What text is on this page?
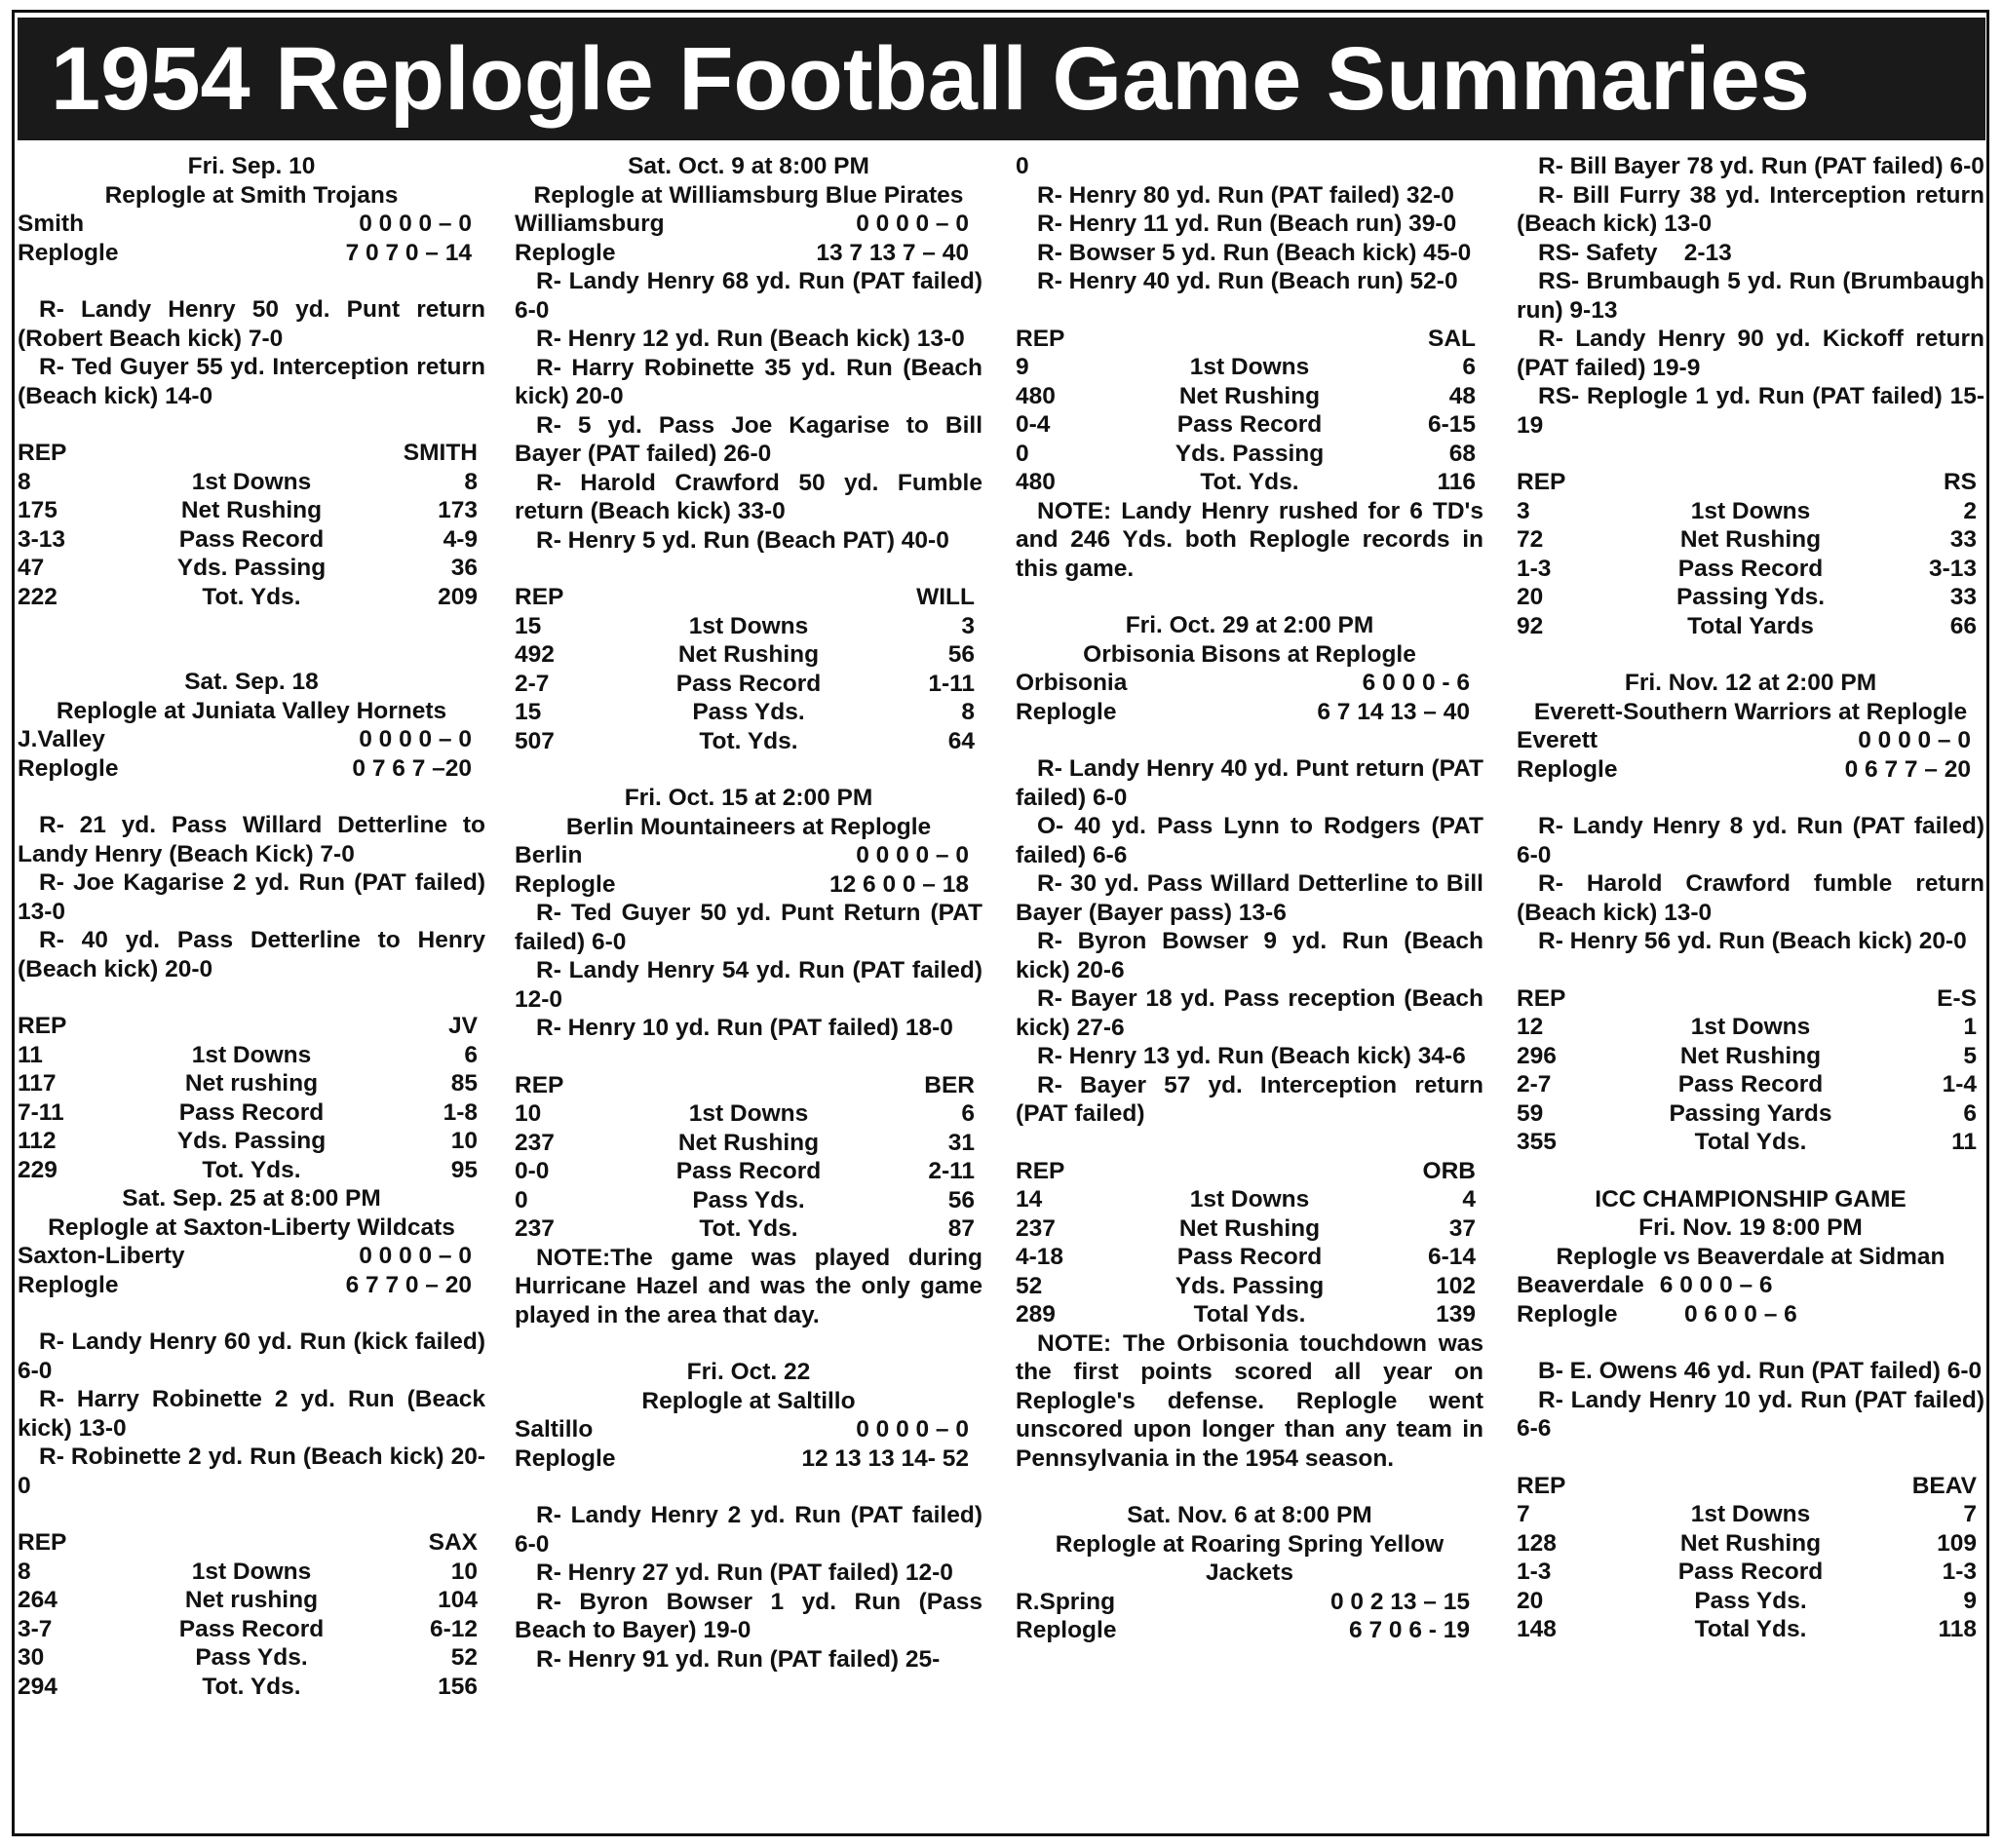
1954 Replogle Football Game Summaries
Fri. Sep. 10
Replogle at Smith Trojans
Smith	0 0 0 0 – 0
Replogle	7 0 7 0 – 14
R- Landy Henry 50 yd. Punt return (Robert Beach kick) 7-0
R- Ted Guyer 55 yd. Interception return (Beach kick) 14-0
REP		SMITH
8	1st Downs	8
175	Net Rushing	173
3-13	Pass Record	4-9
47	Yds. Passing	36
222	Tot. Yds.	209
Sat. Sep. 18
Replogle at Juniata Valley Hornets
J.Valley	0 0 0 0 – 0
Replogle	0 7 6 7 –20
R- 21 yd. Pass Willard Detterline to Landy Henry (Beach Kick) 7-0
R- Joe Kagarise 2 yd. Run (PAT failed) 13-0
R- 40 yd. Pass Detterline to Henry (Beach kick) 20-0
REP		JV
11	1st Downs	6
117	Net rushing	85
7-11	Pass Record	1-8
112	Yds. Passing	10
229	Tot. Yds.	95
Sat. Sep. 25 at 8:00 PM
Replogle at Saxton-Liberty Wildcats
Saxton-Liberty	0 0 0 0 – 0
Replogle	6 7 7 0 – 20
R- Landy Henry 60 yd. Run (kick failed) 6-0
R- Harry Robinette 2 yd. Run (Beack kick) 13-0
R- Robinette 2 yd. Run (Beach kick) 20-0
REP		SAX
8	1st Downs	10
264	Net rushing	104
3-7	Pass Record	6-12
30	Pass Yds.	52
294	Tot. Yds.	156
Sat. Oct. 9 at 8:00 PM
Replogle at Williamsburg Blue Pirates
Williamsburg	0 0 0 0 – 0
Replogle	13 7 13 7 – 40
R- Landy Henry 68 yd. Run (PAT failed) 6-0
R- Henry 12 yd. Run (Beach kick) 13-0
R- Harry Robinette 35 yd. Run (Beach kick) 20-0
R- 5 yd. Pass Joe Kagarise to Bill Bayer (PAT failed) 26-0
R- Harold Crawford 50 yd. Fumble return (Beach kick) 33-0
R- Henry 5 yd. Run (Beach PAT) 40-0
REP		WILL
15	1st Downs	3
492	Net Rushing	56
2-7	Pass Record	1-11
15	Pass Yds.	8
507	Tot. Yds.	64
Fri. Oct. 15 at 2:00 PM
Berlin Mountaineers at Replogle
Berlin	0 0 0 0 – 0
Replogle	12 6 0 0 – 18
R- Ted Guyer 50 yd. Punt Return (PAT failed) 6-0
R- Landy Henry 54 yd. Run (PAT failed) 12-0
R- Henry 10 yd. Run (PAT failed) 18-0
REP		BER
10	1st Downs	6
237	Net Rushing	31
0-0	Pass Record	2-11
0	Pass Yds.	56
237	Tot. Yds.	87
NOTE:The game was played during Hurricane Hazel and was the only game played in the area that day.
Fri. Oct. 22
Replogle at Saltillo
Saltillo	0 0 0 0 – 0
Replogle	12 13 13 14- 52
R- Landy Henry 2 yd. Run (PAT failed) 6-0
R- Henry 27 yd. Run (PAT failed) 12-0
R- Byron Bowser 1 yd. Run (Pass Beach to Bayer) 19-0
R- Henry 91 yd. Run (PAT failed) 25-
0
R- Henry 80 yd. Run (PAT failed) 32-0
R- Henry 11 yd. Run (Beach run) 39-0
R- Bowser 5 yd. Run (Beach kick) 45-0
R- Henry 40 yd. Run (Beach run) 52-0
REP		SAL
9	1st Downs	6
480	Net Rushing	48
0-4	Pass Record	6-15
0	Yds. Passing	68
480	Tot. Yds.	116
NOTE: Landy Henry rushed for 6 TD's and 246 Yds. both Replogle records in this game.
Fri. Oct. 29 at 2:00 PM
Orbisonia Bisons at Replogle
Orbisonia	6 0 0 0 - 6
Replogle	6 7 14 13 – 40
R- Landy Henry 40 yd. Punt return (PAT failed) 6-0
O- 40 yd. Pass Lynn to Rodgers (PAT failed) 6-6
R- 30 yd. Pass Willard Detterline to Bill Bayer (Bayer pass) 13-6
R- Byron Bowser 9 yd. Run (Beach kick) 20-6
R- Bayer 18 yd. Pass reception (Beach kick) 27-6
R- Henry 13 yd. Run (Beach kick) 34-6
R- Bayer 57 yd. Interception return (PAT failed)
REP		ORB
14	1st Downs	4
237	Net Rushing	37
4-18	Pass Record	6-14
52	Yds. Passing	102
289	Total Yds.	139
NOTE: The Orbisonia touchdown was the first points scored all year on Replogle's defense. Replogle went unscored upon longer than any team in Pennsylvania in the 1954 season.
Sat. Nov. 6 at 8:00 PM
Replogle at Roaring Spring Yellow Jackets
R.Spring	0 0 2 13 – 15
Replogle	6 7 0 6 - 19
R- Bill Bayer 78 yd. Run (PAT failed) 6-0
R- Bill Furry 38 yd. Interception return (Beach kick) 13-0
RS- Safety    2-13
RS- Brumbaugh 5 yd. Run (Brumbaugh run) 9-13
R- Landy Henry 90 yd. Kickoff return (PAT failed) 19-9
RS- Replogle 1 yd. Run (PAT failed) 15-19
REP		RS
3	1st Downs	2
72	Net Rushing	33
1-3	Pass Record	3-13
20	Passing Yds.	33
92	Total Yards	66
Fri. Nov. 12 at 2:00 PM
Everett-Southern Warriors at Replogle
Everett	0 0 0 0 – 0
Replogle	0 6 7 7 – 20
R- Landy Henry 8 yd. Run (PAT failed) 6-0
R- Harold Crawford fumble return (Beach kick) 13-0
R- Henry 56 yd. Run (Beach kick) 20-0
REP		E-S
12	1st Downs	1
296	Net Rushing	5
2-7	Pass Record	1-4
59	Passing Yards	6
355	Total Yds.	11
ICC CHAMPIONSHIP GAME
Fri. Nov. 19 8:00 PM
Replogle vs Beaverdale at Sidman
Beaverdale 6 0 0 0 – 6
Replogle	0 6 0 0 – 6
B- E. Owens 46 yd. Run (PAT failed) 6-0
R- Landy Henry 10 yd. Run (PAT failed) 6-6
REP		BEAV
7	1st Downs	7
128	Net Rushing	109
1-3	Pass Record	1-3
20	Pass Yds.	9
148	Total Yds.	118
